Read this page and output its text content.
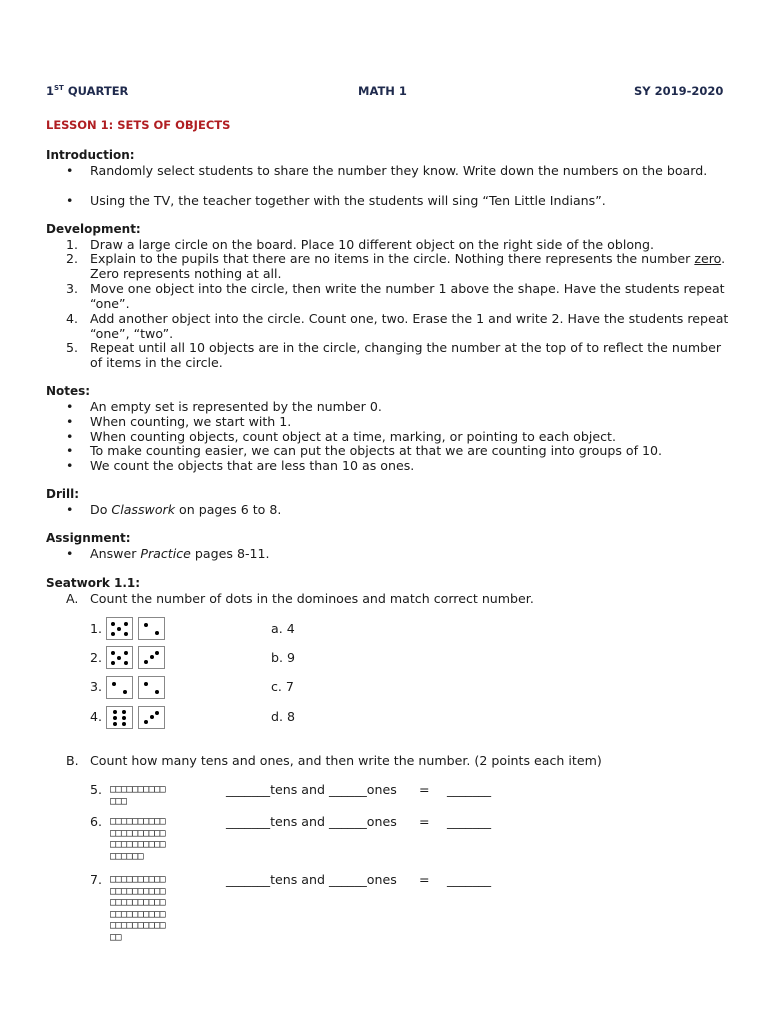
1ST QUARTER	MATH 1	SY 2019-2020
LESSON 1: SETS OF OBJECTS
Introduction:
• Randomly select students to share the number they know. Write down the numbers on the board.
• Using the TV, the teacher together with the students will sing “Ten Little Indians”.
Development:
1. Draw a large circle on the board. Place 10 different object on the right side of the oblong.
2. Explain to the pupils that there are no items in the circle. Nothing there represents the number zero. Zero represents nothing at all.
3. Move one object into the circle, then write the number 1 above the shape. Have the students repeat “one”.
4. Add another object into the circle. Count one, two. Erase the 1 and write 2. Have the students repeat “one”, “two”.
5. Repeat until all 10 objects are in the circle, changing the number at the top of to reflect the number of items in the circle.
Notes:
• An empty set is represented by the number 0.
• When counting, we start with 1.
• When counting objects, count object at a time, marking, or pointing to each object.
• To make counting easier, we can put the objects at that we are counting into groups of 10.
• We count the objects that are less than 10 as ones.
Drill:
• Do Classwork on pages 6 to 8.
Assignment:
• Answer Practice pages 8-11.
Seatwork 1.1:
A. Count the number of dots in the dominoes and match correct number.
1.	a. 4
2.	b. 9
3.	c. 7
4.	d. 8
B. Count how many tens and ones, and then write the number. (2 points each item)
5. □□□□□□□□□□
□□□
_______tens and ______ones = _______
6. □□□□□□□□□□
□□□□□□□□□□
□□□□□□□□□□
□□□□□□
_______tens and ______ones = _______
7. □□□□□□□□□□
□□□□□□□□□□
□□□□□□□□□□
□□□□□□□□□□
□□□□□□□□□□
□□
_______tens and ______ones = _______
